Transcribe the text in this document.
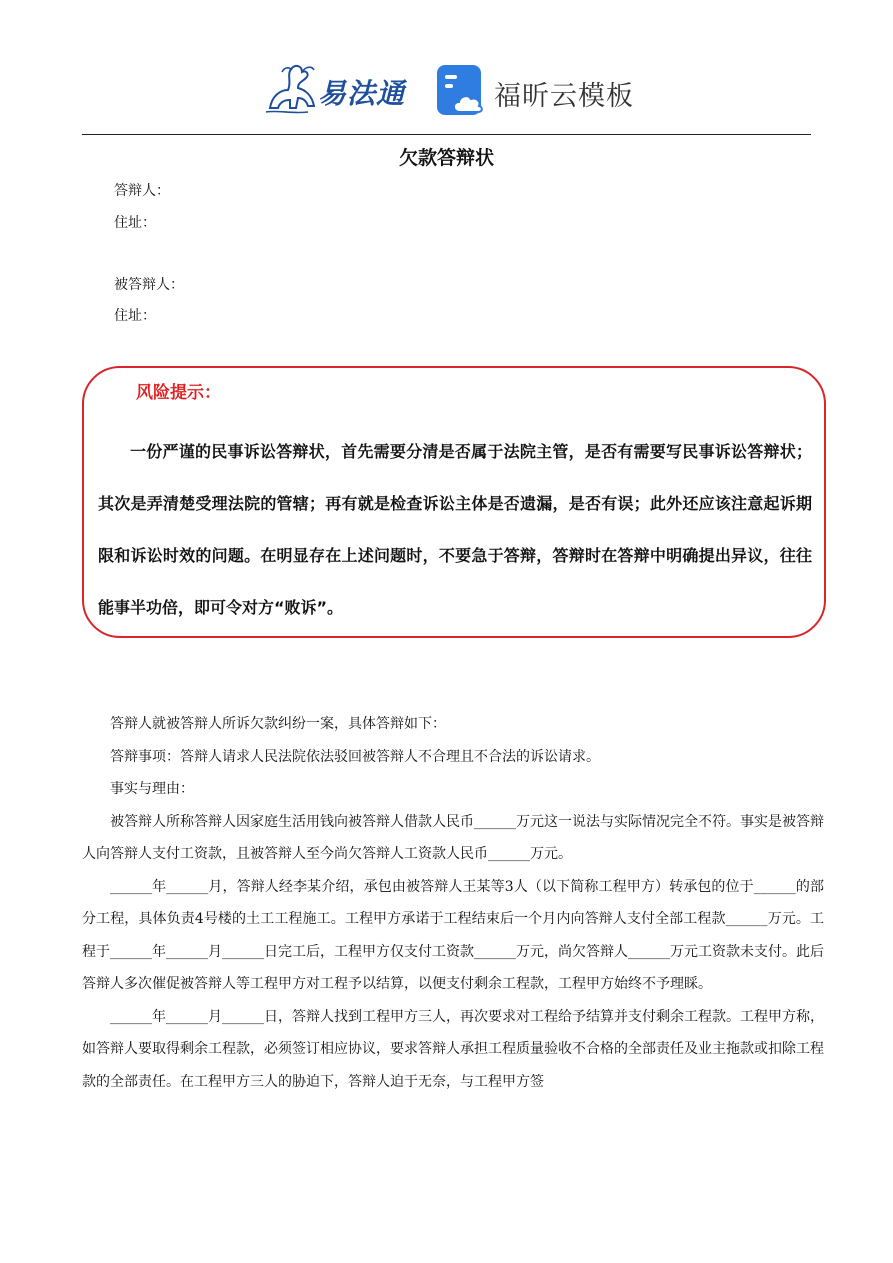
易法通	福昕云模板
欠款答辩状
答辩人：
住址：
被答辩人：
住址：
风险提示：
一份严谨的民事诉讼答辩状，首先需要分清是否属于法院主管，是否有需要写民事诉讼答辩状；其次是弄清楚受理法院的管辖；再有就是检查诉讼主体是否遗漏，是否有误；此外还应该注意起诉期限和诉讼时效的问题。在明显存在上述问题时，不要急于答辩，答辩时在答辩中明确提出异议，往往能事半功倍，即可令对方“败诉”。

答辩人就被答辩人所诉欠款纠纷一案，具体答辩如下：

答辩事项：答辩人请求人民法院依法驳回被答辩人不合理且不合法的诉讼请求。

事实与理由：

被答辩人所称答辩人因家庭生活用钱向被答辩人借款人民币______万元这一说法与实际情况完全不符。事实是被答辩人向答辩人支付工资款，且被答辩人至今尚欠答辩人工资款人民币______万元。

______年______月，答辩人经李某介绍，承包由被答辩人王某等3人（以下简称工程甲方）转承包的位于______的部分工程，具体负责4号楼的土工工程施工。工程甲方承诺于工程结束后一个月内向答辩人支付全部工程款______万元。工程于______年______月______日完工后，工程甲方仅支付工资款______万元，尚欠答辩人______万元工资款未支付。此后答辩人多次催促被答辩人等工程甲方对工程予以结算，以便支付剩余工程款，工程甲方始终不予理睬。

______年______月______日，答辩人找到工程甲方三人，再次要求对工程给予结算并支付剩余工程款。工程甲方称，如答辩人要取得剩余工程款，必须签订相应协议，要求答辩人承担工程质量验收不合格的全部责任及业主拖款或扣除工程款的全部责任。在工程甲方三人的胁迫下，答辩人迫于无奈，与工程甲方签
